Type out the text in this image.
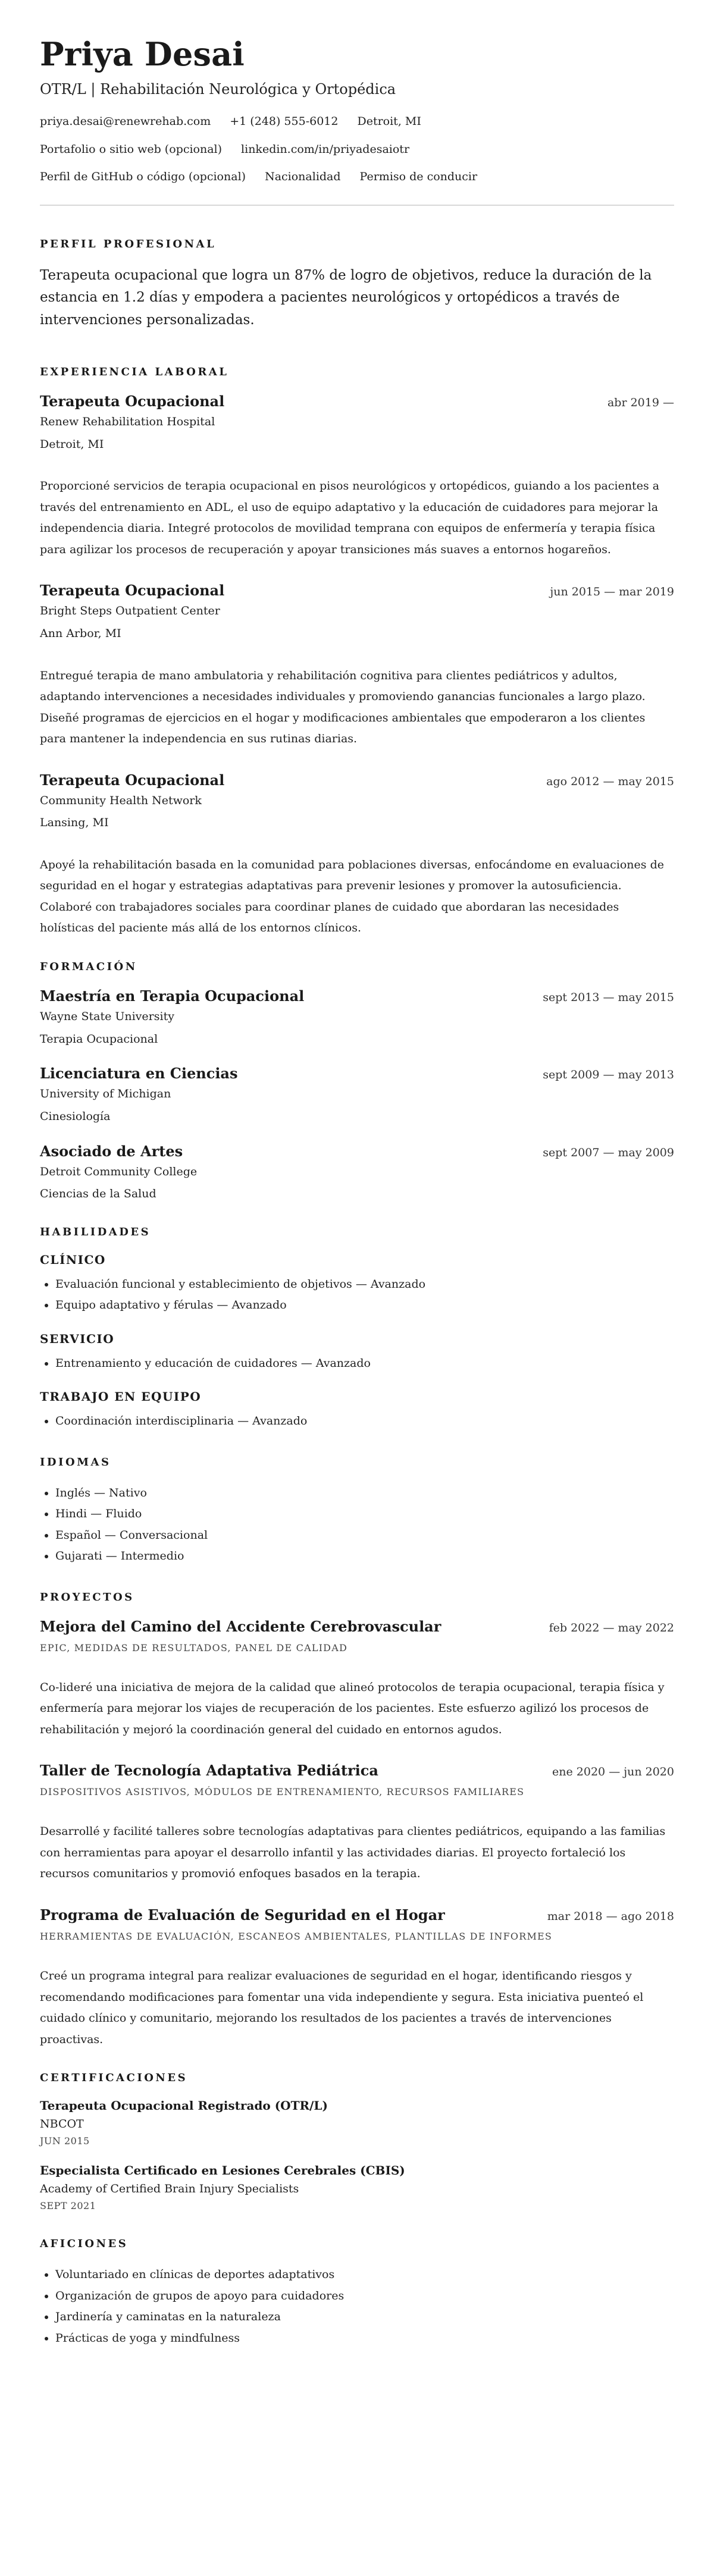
Priya Desai
OTR/L | Rehabilitación Neurológica y Ortopédica
priya.desai@renewrehab.com +1 (248) 555-6012 Detroit, MI
Portafolio o sitio web (opcional) linkedin.com/in/priyadesaiotr
Perfil de GitHub o código (opcional) Nacionalidad Permiso de conducir
PERFIL PROFESIONAL

Terapeuta ocupacional que logra un 87% de logro de objetivos, reduce la duración de la estancia en 1.2 días y empodera a pacientes neurológicos y ortopédicos a través de intervenciones personalizadas.

EXPERIENCIA LABORAL
Terapeuta Ocupacional	abr 2019 —
Renew Rehabilitation Hospital
Detroit, MI

Proporcioné servicios de terapia ocupacional en pisos neurológicos y ortopédicos, guiando a los pacientes a través del entrenamiento en ADL, el uso de equipo adaptativo y la educación de cuidadores para mejorar la independencia diaria. Integré protocolos de movilidad temprana con equipos de enfermería y terapia física para agilizar los procesos de recuperación y apoyar transiciones más suaves a entornos hogareños.

Terapeuta Ocupacional	jun 2015 — mar 2019
Bright Steps Outpatient Center
Ann Arbor, MI

Entregué terapia de mano ambulatoria y rehabilitación cognitiva para clientes pediátricos y adultos, adaptando intervenciones a necesidades individuales y promoviendo ganancias funcionales a largo plazo. Diseñé programas de ejercicios en el hogar y modificaciones ambientales que empoderaron a los clientes para mantener la independencia en sus rutinas diarias.

Terapeuta Ocupacional	ago 2012 — may 2015
Community Health Network
Lansing, MI

Apoyé la rehabilitación basada en la comunidad para poblaciones diversas, enfocándome en evaluaciones de seguridad en el hogar y estrategias adaptativas para prevenir lesiones y promover la autosuficiencia. Colaboré con trabajadores sociales para coordinar planes de cuidado que abordaran las necesidades holísticas del paciente más allá de los entornos clínicos.

FORMACIÓN
Maestría en Terapia Ocupacional	sept 2013 — may 2015
Wayne State University
Terapia Ocupacional
Licenciatura en Ciencias	sept 2009 — may 2013
University of Michigan
Cinesiología
Asociado de Artes	sept 2007 — may 2009
Detroit Community College
Ciencias de la Salud
HABILIDADES
CLÍNICO
• Evaluación funcional y establecimiento de objetivos — Avanzado
• Equipo adaptativo y férulas — Avanzado
SERVICIO
• Entrenamiento y educación de cuidadores — Avanzado
TRABAJO EN EQUIPO
• Coordinación interdisciplinaria — Avanzado
IDIOMAS
• Inglés — Nativo
• Hindi — Fluido
• Español — Conversacional
• Gujarati — Intermedio
PROYECTOS
Mejora del Camino del Accidente Cerebrovascular	feb 2022 — may 2022
EPIC, MEDIDAS DE RESULTADOS, PANEL DE CALIDAD

Co-lideré una iniciativa de mejora de la calidad que alineó protocolos de terapia ocupacional, terapia física y enfermería para mejorar los viajes de recuperación de los pacientes. Este esfuerzo agilizó los procesos de rehabilitación y mejoró la coordinación general del cuidado en entornos agudos.

Taller de Tecnología Adaptativa Pediátrica	ene 2020 — jun 2020
DISPOSITIVOS ASISTIVOS, MÓDULOS DE ENTRENAMIENTO, RECURSOS FAMILIARES

Desarrollé y facilité talleres sobre tecnologías adaptativas para clientes pediátricos, equipando a las familias con herramientas para apoyar el desarrollo infantil y las actividades diarias. El proyecto fortaleció los recursos comunitarios y promovió enfoques basados en la terapia.

Programa de Evaluación de Seguridad en el Hogar	mar 2018 — ago 2018
HERRAMIENTAS DE EVALUACIÓN, ESCANEOS AMBIENTALES, PLANTILLAS DE INFORMES

Creé un programa integral para realizar evaluaciones de seguridad en el hogar, identificando riesgos y recomendando modificaciones para fomentar una vida independiente y segura. Esta iniciativa puenteó el cuidado clínico y comunitario, mejorando los resultados de los pacientes a través de intervenciones proactivas.

CERTIFICACIONES
Terapeuta Ocupacional Registrado (OTR/L)
NBCOT
JUN 2015
Especialista Certificado en Lesiones Cerebrales (CBIS)
Academy of Certified Brain Injury Specialists
SEPT 2021
AFICIONES
• Voluntariado en clínicas de deportes adaptativos
• Organización de grupos de apoyo para cuidadores
• Jardinería y caminatas en la naturaleza
• Prácticas de yoga y mindfulness
